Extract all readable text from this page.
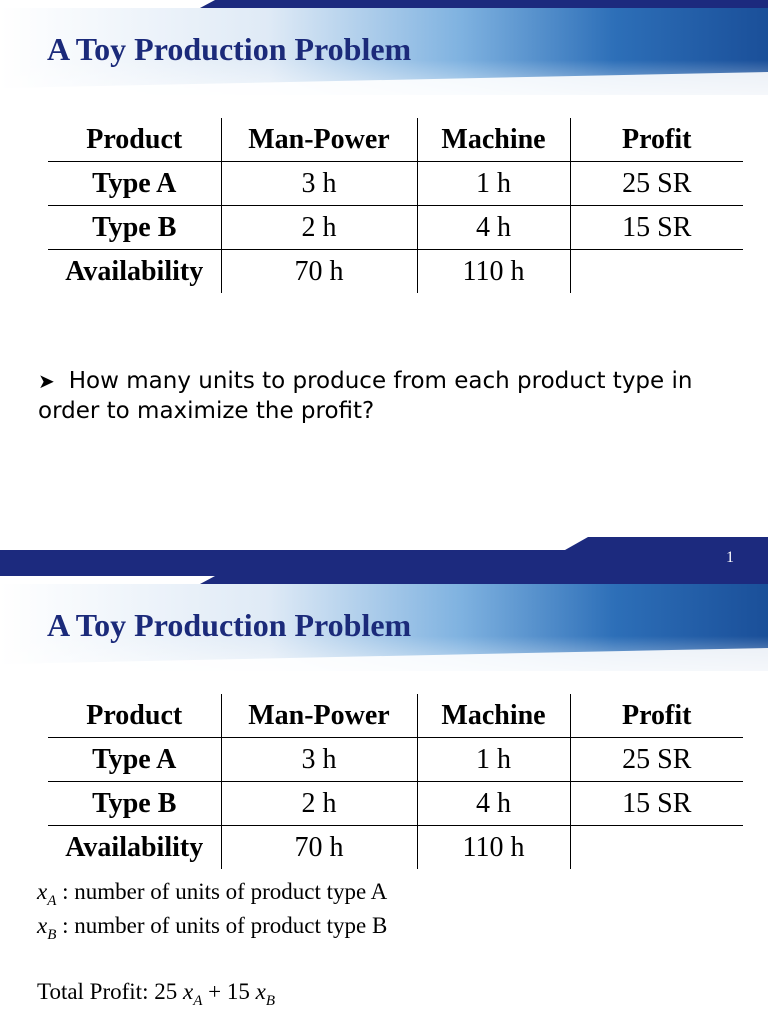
A Toy Production Problem
Product	Man-Power	Machine	Profit
Type A	3 h	1 h	25 SR
Type B	2 h	4 h	15 SR
Availability	70 h	110 h	
➤ How many units to produce from each product type in order to maximize the profit?
1
A Toy Production Problem
Product	Man-Power	Machine	Profit
Type A	3 h	1 h	25 SR
Type B	2 h	4 h	15 SR
Availability	70 h	110 h	
$x_A$ : number of units of product type A
$x_B$ : number of units of product type B
Total Profit: 25 $x_A + 15$ $x_B$
